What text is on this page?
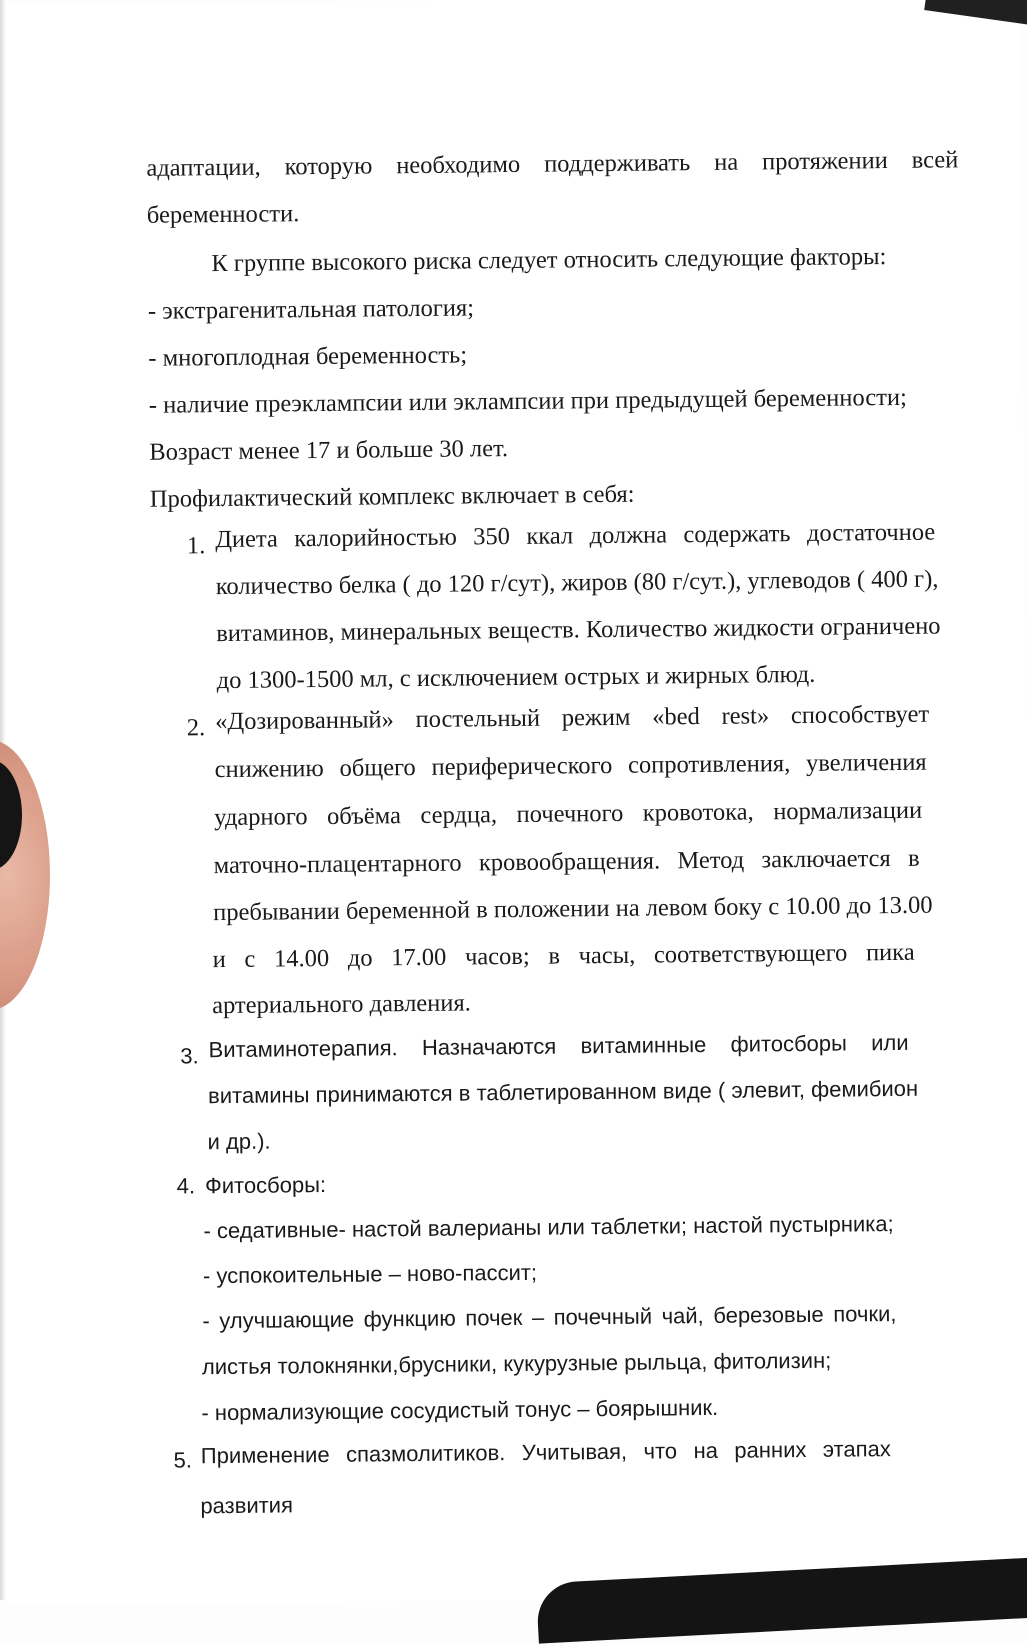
адаптации, которую необходимо поддерживать на протяжении всей
беременности.
К группе высокого риска следует относить следующие факторы:
- экстрагенитальная патология;
- многоплодная беременность;
- наличие преэклампсии или эклампсии при предыдущей беременности;
Возраст менее 17 и больше 30 лет.
Профилактический комплекс включает в себя:
1. Диета калорийностью 350 ккал должна содержать достаточное
количество белка ( до 120 г/сут), жиров (80 г/сут.), углеводов ( 400 г),
витаминов, минеральных веществ. Количество жидкости ограничено
до 1300-1500 мл, с исключением острых и жирных блюд.
2. «Дозированный» постельный режим «bed rest» способствует
снижению общего периферического сопротивления, увеличения
ударного объёма сердца, почечного кровотока, нормализации
маточно-плацентарного кровообращения. Метод заключается в
пребывании беременной в положении на левом боку с 10.00 до 13.00
и с 14.00 до 17.00 часов; в часы, соответствующего пика
артериального давления.
3. Витаминотерапия. Назначаются витаминные фитосборы или
витамины принимаются в таблетированном виде ( элевит, фемибион
и др.).
4. Фитосборы:
- седативные- настой валерианы или таблетки; настой пустырника;
- успокоительные – ново-пассит;
- улучшающие функцию почек – почечный чай, березовые почки,
листья толокнянки,брусники, кукурузные рыльца, фитолизин;
- нормализующие сосудистый тонус – боярышник.
5. Применение спазмолитиков. Учитывая, что на ранних этапах
развития
